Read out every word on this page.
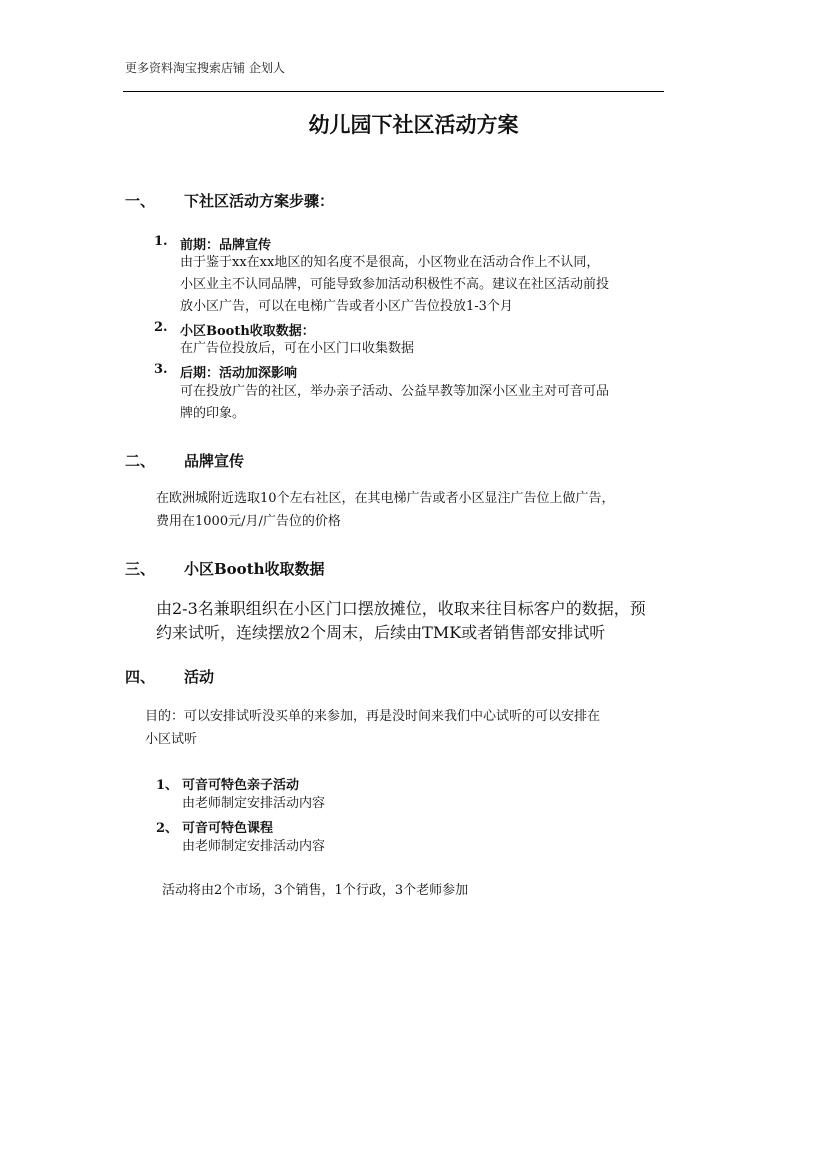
更多资料淘宝搜索店铺 企划人
幼儿园下社区活动方案
一、 下社区活动方案步骤：
1. 前期：品牌宣传
由于鉴于xx在xx地区的知名度不是很高，小区物业在活动合作上不认同，
小区业主不认同品牌，可能导致参加活动积极性不高。建议在社区活动前投
放小区广告，可以在电梯广告或者小区广告位投放1-3个月
2. 小区Booth收取数据：
在广告位投放后，可在小区门口收集数据
3. 后期：活动加深影响
可在投放广告的社区，举办亲子活动、公益早教等加深小区业主对可音可品
牌的印象。
二、 品牌宣传
在欧洲城附近选取10个左右社区，在其电梯广告或者小区显注广告位上做广告，
费用在1000元/月/广告位的价格
三、 小区Booth收取数据
由2-3名兼职组织在小区门口摆放摊位，收取来往目标客户的数据，预
约来试听，连续摆放2个周末，后续由TMK或者销售部安排试听
四、 活动
目的：可以安排试听没买单的来参加，再是没时间来我们中心试听的可以安排在
小区试听
1、 可音可特色亲子活动
由老师制定安排活动内容
2、 可音可特色课程
由老师制定安排活动内容
活动将由2个市场，3个销售，1个行政，3个老师参加
